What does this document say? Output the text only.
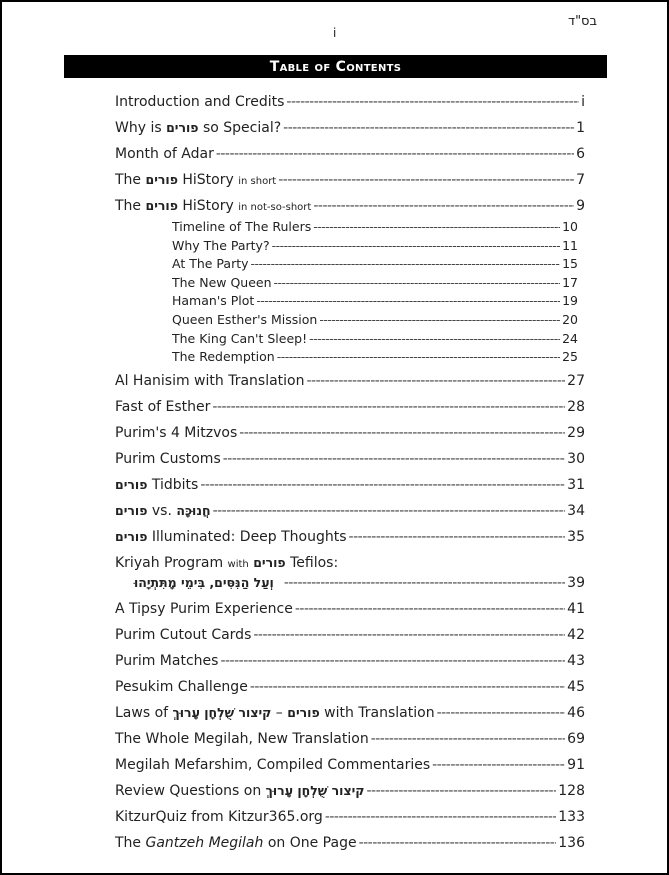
בס"ד
i
Table of Contents
Introduction and Credits -----	i
Why is פורים so Special? -----	1
Month of Adar -----	6
The פורים HiStory in short -----	7
The פורים HiStory in not-so-short -----	9
Timeline of The Rulers -----	10
Why The Party? -----	11
At The Party -----	15
The New Queen -----	17
Haman's Plot -----	19
Queen Esther's Mission -----	20
The King Can't Sleep! -----	24
The Redemption -----	25
Al Hanisim with Translation -----	27
Fast of Esther -----	28
Purim's 4 Mitzvos -----	29
Purim Customs -----	30
פורים Tidbits -----	31
פורים vs. חֲנוּכָּה -----	34
פורים Illuminated: Deep Thoughts -----	35
Kriyah Program with פורים Tefilos:
וְעַל הַנִּסִּים, בִּימֵי מָתִּתְיָהוּ -----	39
A Tipsy Purim Experience -----	41
Purim Cutout Cards -----	42
Purim Matches -----	43
Pesukim Challenge -----	45
Laws of	פורים – קיצור שֻׁלְחָן עָרוּךְ	with Translation -----	46
The Whole Megilah, New Translation -----	69
Megilah Mefarshim, Compiled Commentaries -----	91
Review Questions on קיצור שֻׁלְחָן עָרוּךְ -----	128
KitzurQuiz from Kitzur365.org -----	133
The Gantzeh Megilah on One Page -----	136
